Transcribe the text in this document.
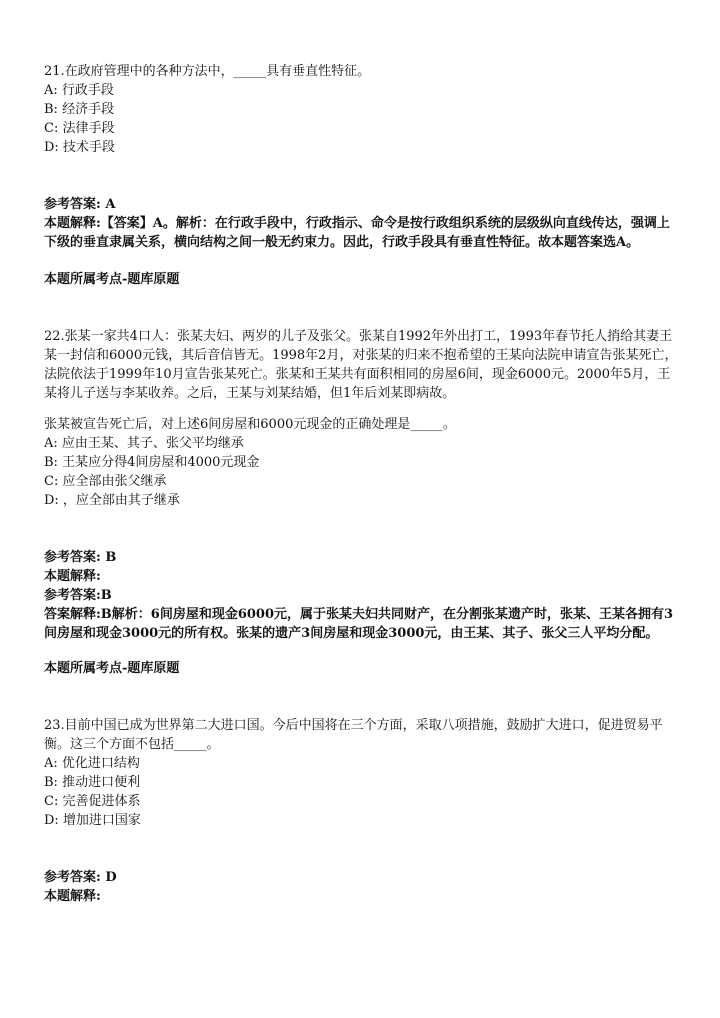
21.在政府管理中的各种方法中，_____具有垂直性特征。
A: 行政手段
B: 经济手段
C: 法律手段
D: 技术手段
参考答案: A
本题解释:【答案】A。解析：在行政手段中，行政指示、命令是按行政组织系统的层级纵向直线传达，强调上下级的垂直隶属关系，横向结构之间一般无约束力。因此，行政手段具有垂直性特征。故本题答案选A。
本题所属考点-题库原题
22.张某一家共4口人：张某夫妇、两岁的儿子及张父。张某自1992年外出打工，1993年春节托人捎给其妻王某一封信和6000元钱，其后音信皆无。1998年2月，对张某的归来不抱希望的王某向法院申请宣告张某死亡，法院依法于1999年10月宣告张某死亡。张某和王某共有面积相同的房屋6间，现金6000元。2000年5月，王某将儿子送与李某收养。之后，王某与刘某结婚，但1年后刘某即病故。
张某被宣告死亡后，对上述6间房屋和6000元现金的正确处理是_____。
A: 应由王某、其子、张父平均继承
B: 王某应分得4间房屋和4000元现金
C: 应全部由张父继承
D: ，应全部由其子继承
参考答案: B
本题解释:
参考答案:B
答案解释:B解析：6间房屋和现金6000元，属于张某夫妇共同财产，在分割张某遗产时，张某、王某各拥有3间房屋和现金3000元的所有权。张某的遗产3间房屋和现金3000元，由王某、其子、张父三人平均分配。
本题所属考点-题库原题
23.目前中国已成为世界第二大进口国。今后中国将在三个方面，采取八项措施，鼓励扩大进口，促进贸易平衡。这三个方面不包括_____。
A: 优化进口结构
B: 推动进口便利
C: 完善促进体系
D: 增加进口国家
参考答案: D
本题解释:
